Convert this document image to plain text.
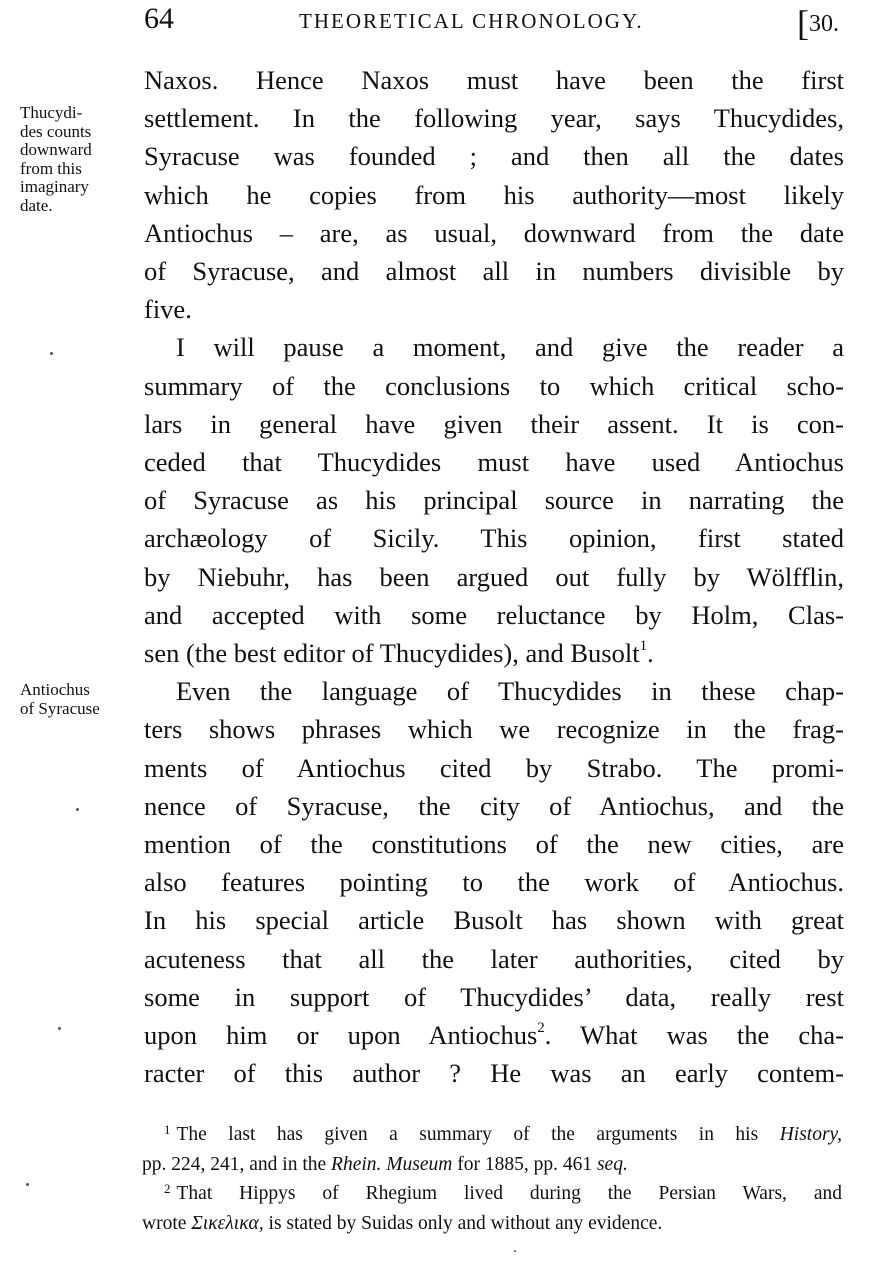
64	THEORETICAL CHRONOLOGY.	[30.
Thucydi-
des counts
downward
from this
imaginary
date.
Antiochus
of Syracuse

Naxos. Hence Naxos must have been the first
settlement. In the following year, says Thucydides,
Syracuse was founded ; and then all the dates
which he copies from his authority—most likely
Antiochus – are, as usual, downward from the date
of Syracuse, and almost all in numbers divisible by
five.

I will pause a moment, and give the reader a
summary of the conclusions to which critical scho-
lars in general have given their assent. It is con-
ceded that Thucydides must have used Antiochus
of Syracuse as his principal source in narrating the
archæology of Sicily. This opinion, first stated
by Niebuhr, has been argued out fully by Wölfflin,
and accepted with some reluctance by Holm, Clas-
sen (the best editor of Thucydides), and Busolt$^1$.

Even the language of Thucydides in these chap-
ters shows phrases which we recognize in the frag-
ments of Antiochus cited by Strabo. The promi-
nence of Syracuse, the city of Antiochus, and the
mention of the constitutions of the new cities, are
also features pointing to the work of Antiochus.
In his special article Busolt has shown with great
acuteness that all the later authorities, cited by
some in support of Thucydides’ data, really rest
upon him or upon Antiochus$^2$. What was the cha-
racter of this author ? He was an early contem-

$^1$ The last has given a summary of the arguments in his History,
pp. 224, 241, and in the Rhein. Museum for 1885, pp. 461 seq.
$^2$ That Hippys of Rhegium lived during the Persian Wars, and
wrote Σικελικα, is stated by Suidas only and without any evidence.
